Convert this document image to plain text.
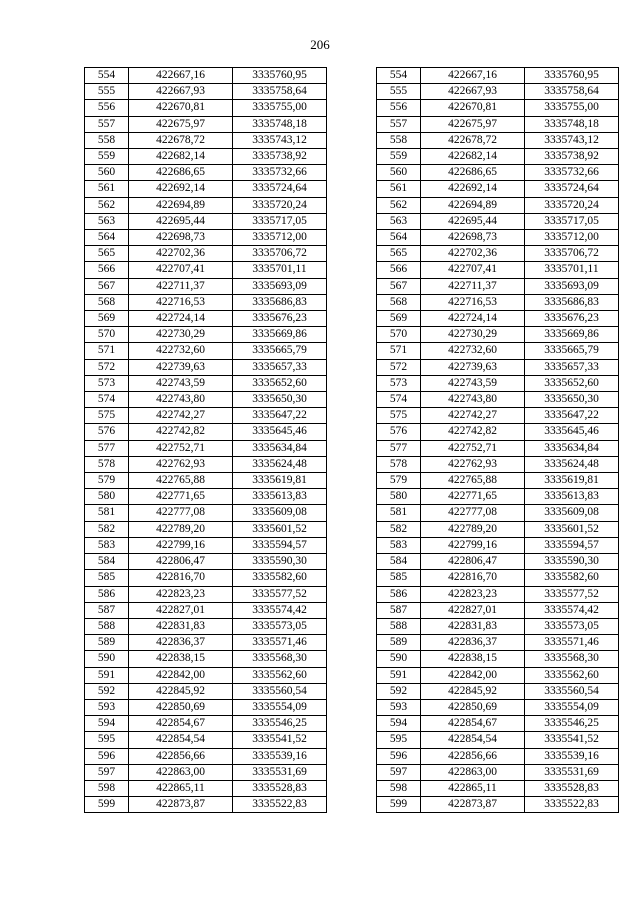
206
554	422667,16	3335760,95
555	422667,93	3335758,64
556	422670,81	3335755,00
557	422675,97	3335748,18
558	422678,72	3335743,12
559	422682,14	3335738,92
560	422686,65	3335732,66
561	422692,14	3335724,64
562	422694,89	3335720,24
563	422695,44	3335717,05
564	422698,73	3335712,00
565	422702,36	3335706,72
566	422707,41	3335701,11
567	422711,37	3335693,09
568	422716,53	3335686,83
569	422724,14	3335676,23
570	422730,29	3335669,86
571	422732,60	3335665,79
572	422739,63	3335657,33
573	422743,59	3335652,60
574	422743,80	3335650,30
575	422742,27	3335647,22
576	422742,82	3335645,46
577	422752,71	3335634,84
578	422762,93	3335624,48
579	422765,88	3335619,81
580	422771,65	3335613,83
581	422777,08	3335609,08
582	422789,20	3335601,52
583	422799,16	3335594,57
584	422806,47	3335590,30
585	422816,70	3335582,60
586	422823,23	3335577,52
587	422827,01	3335574,42
588	422831,83	3335573,05
589	422836,37	3335571,46
590	422838,15	3335568,30
591	422842,00	3335562,60
592	422845,92	3335560,54
593	422850,69	3335554,09
594	422854,67	3335546,25
595	422854,54	3335541,52
596	422856,66	3335539,16
597	422863,00	3335531,69
598	422865,11	3335528,83
599	422873,87	3335522,83
554	422667,16	3335760,95
555	422667,93	3335758,64
556	422670,81	3335755,00
557	422675,97	3335748,18
558	422678,72	3335743,12
559	422682,14	3335738,92
560	422686,65	3335732,66
561	422692,14	3335724,64
562	422694,89	3335720,24
563	422695,44	3335717,05
564	422698,73	3335712,00
565	422702,36	3335706,72
566	422707,41	3335701,11
567	422711,37	3335693,09
568	422716,53	3335686,83
569	422724,14	3335676,23
570	422730,29	3335669,86
571	422732,60	3335665,79
572	422739,63	3335657,33
573	422743,59	3335652,60
574	422743,80	3335650,30
575	422742,27	3335647,22
576	422742,82	3335645,46
577	422752,71	3335634,84
578	422762,93	3335624,48
579	422765,88	3335619,81
580	422771,65	3335613,83
581	422777,08	3335609,08
582	422789,20	3335601,52
583	422799,16	3335594,57
584	422806,47	3335590,30
585	422816,70	3335582,60
586	422823,23	3335577,52
587	422827,01	3335574,42
588	422831,83	3335573,05
589	422836,37	3335571,46
590	422838,15	3335568,30
591	422842,00	3335562,60
592	422845,92	3335560,54
593	422850,69	3335554,09
594	422854,67	3335546,25
595	422854,54	3335541,52
596	422856,66	3335539,16
597	422863,00	3335531,69
598	422865,11	3335528,83
599	422873,87	3335522,83
